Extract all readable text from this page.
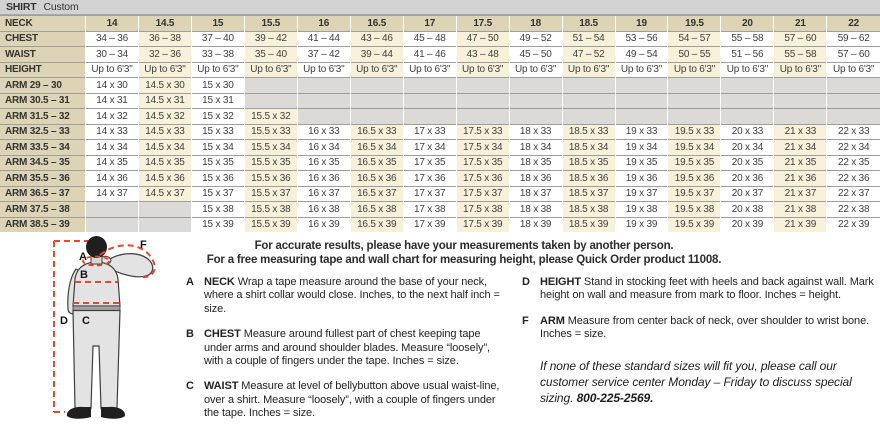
SHIRT Custom
NECK	14	14.5	15	15.5	16	16.5	17	17.5	18	18.5	19	19.5	20	21	22
CHEST	34 – 36	36 – 38	37 – 40	39 – 42	41 – 44	43 – 46	45 – 48	47 – 50	49 – 52	51 – 54	53 – 56	54 – 57	55 – 58	57 – 60	59 – 62
WAIST	30 – 34	32 – 36	33 – 38	35 – 40	37 – 42	39 – 44	41 – 46	43 – 48	45 – 50	47 – 52	49 – 54	50 – 55	51 – 56	55 – 58	57 – 60
HEIGHT	Up to 6'3"	Up to 6'3"	Up to 6'3"	Up to 6'3"	Up to 6'3"	Up to 6'3"	Up to 6'3"	Up to 6'3"	Up to 6'3"	Up to 6'3"	Up to 6'3"	Up to 6'3"	Up to 6'3"	Up to 6'3"	Up to 6'3"
ARM 29 – 30	14 x 30	14.5 x 30	15 x 30												
ARM 30.5 – 31	14 x 31	14.5 x 31	15 x 31												
ARM 31.5 – 32	14 x 32	14.5 x 32	15 x 32	15.5 x 32											
ARM 32.5 – 33	14 x 33	14.5 x 33	15 x 33	15.5 x 33	16 x 33	16.5 x 33	17 x 33	17.5 x 33	18 x 33	18.5 x 33	19 x 33	19.5 x 33	20 x 33	21 x 33	22 x 33
ARM 33.5 – 34	14 x 34	14.5 x 34	15 x 34	15.5 x 34	16 x 34	16.5 x 34	17 x 34	17.5 x 34	18 x 34	18.5 x 34	19 x 34	19.5 x 34	20 x 34	21 x 34	22 x 34
ARM 34.5 – 35	14 x 35	14.5 x 35	15 x 35	15.5 x 35	16 x 35	16.5 x 35	17 x 35	17.5 x 35	18 x 35	18.5 x 35	19 x 35	19.5 x 35	20 x 35	21 x 35	22 x 35
ARM 35.5 – 36	14 x 36	14.5 x 36	15 x 36	15.5 x 36	16 x 36	16.5 x 36	17 x 36	17.5 x 36	18 x 36	18.5 x 36	19 x 36	19.5 x 36	20 x 36	21 x 36	22 x 36
ARM 36.5 – 37	14 x 37	14.5 x 37	15 x 37	15.5 x 37	16 x 37	16.5 x 37	17 x 37	17.5 x 37	18 x 37	18.5 x 37	19 x 37	19.5 x 37	20 x 37	21 x 37	22 x 37
ARM 37.5 – 38			15 x 38	15.5 x 38	16 x 38	16.5 x 38	17 x 38	17.5 x 38	18 x 38	18.5 x 38	19 x 38	19.5 x 38	20 x 38	21 x 38	22 x 38
ARM 38.5 – 39			15 x 39	15.5 x 39	16 x 39	16.5 x 39	17 x 39	17.5 x 39	18 x 39	18.5 x 39	19 x 39	19.5 x 39	20 x 39	21 x 39	22 x 39
A
B
C
D
F	For accurate results, please have your measurements taken by another person.
For a free measuring tape and wall chart for measuring height, please Quick Order product 11008.
A NECK Wrap a tape measure around the base of your neck, where a shirt collar would close. Inches, to the next half inch = size.
B CHEST Measure around fullest part of chest keeping tape under arms and around shoulder blades. Measure “loosely”, with a couple of fingers under the tape. Inches = size.
C WAIST Measure at level of bellybutton above usual waist-line, over a shirt. Measure “loosely”, with a couple of fingers under the tape. Inches = size.
D HEIGHT Stand in stocking feet with heels and back against wall. Mark height on wall and measure from mark to floor. Inches = height.
F	ARM Measure from center back of neck, over shoulder to wrist bone. Inches = size.

If none of these standard sizes will fit you, please call our customer service center Monday – Friday to discuss special sizing. 800-225-2569.
